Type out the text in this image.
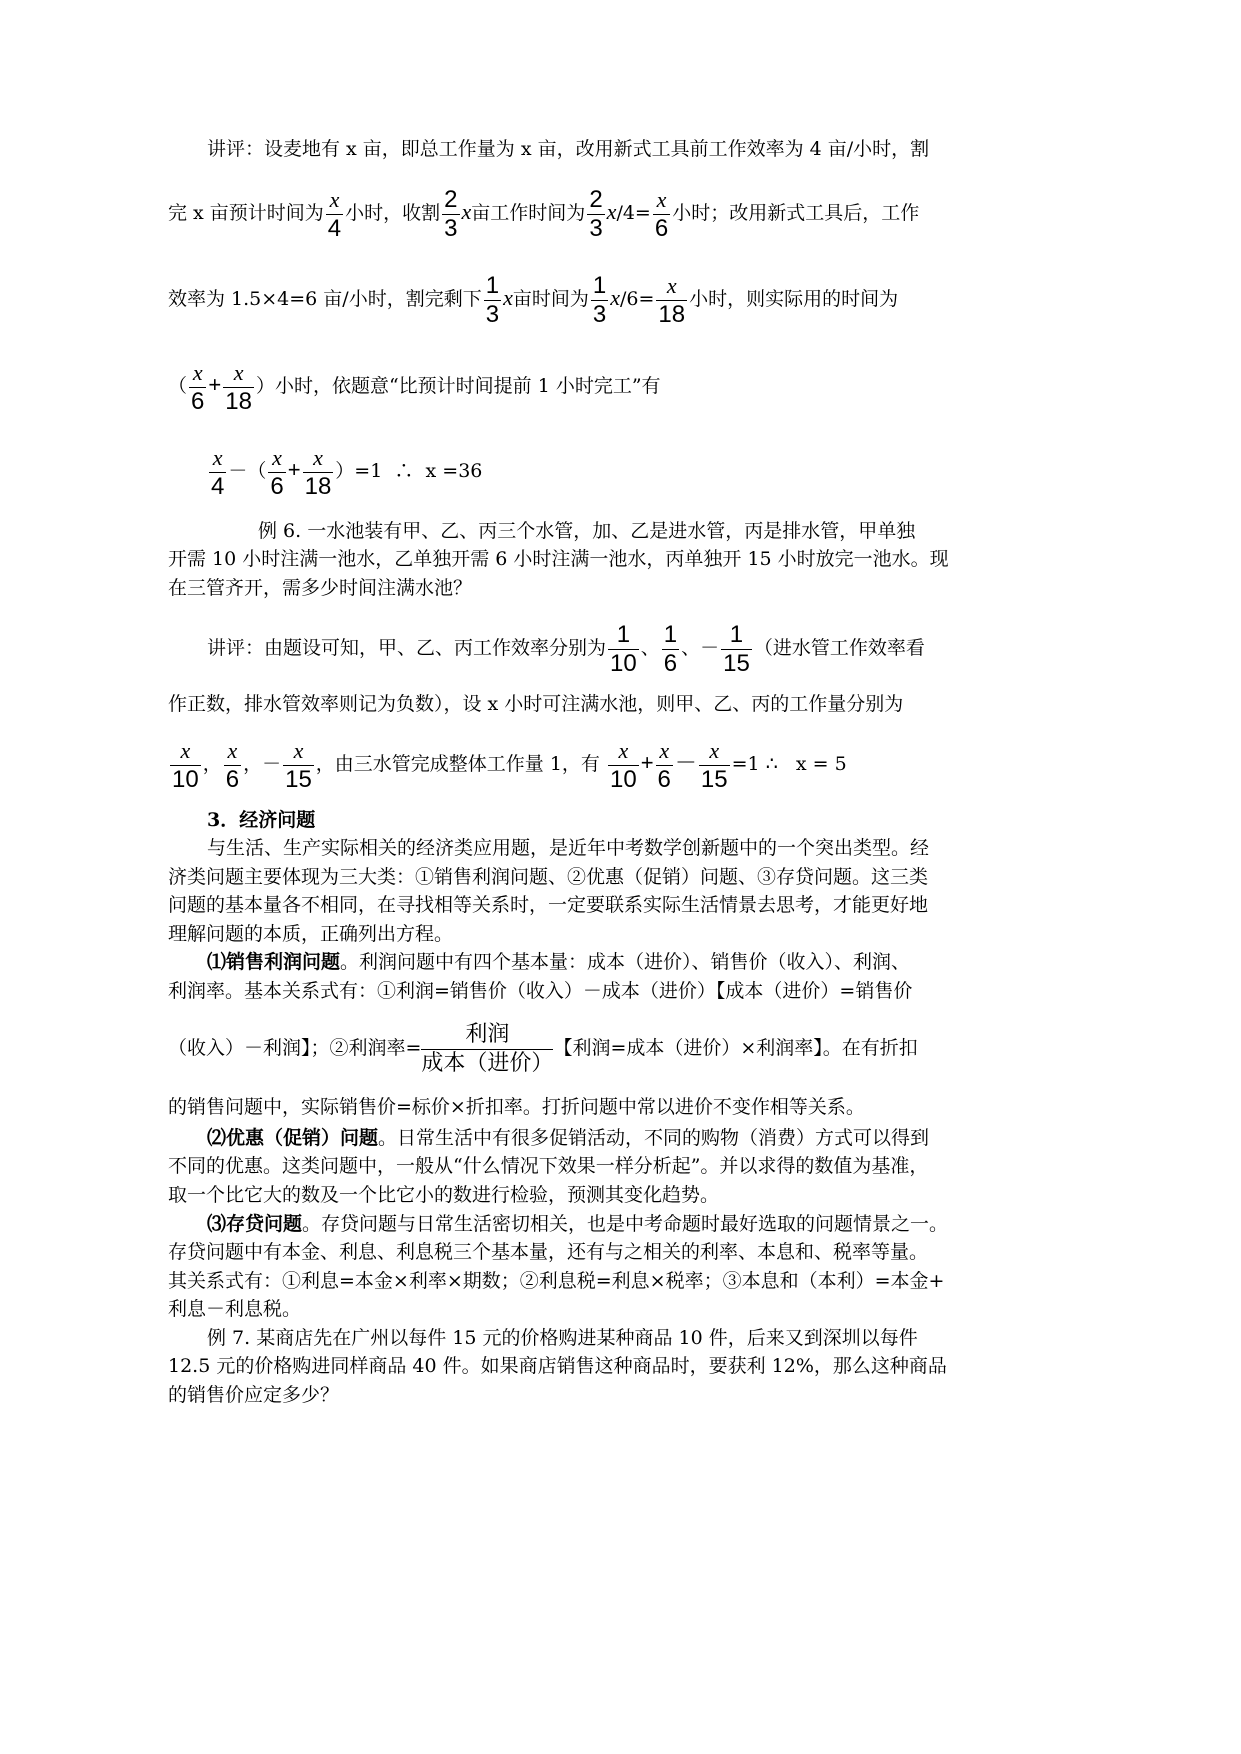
讲评：设麦地有 x 亩，即总工作量为 x 亩，改用新式工具前工作效率为 4 亩/小时，割
完 x 亩预计时间为 $\frac{x}{4}$ 小时，收割 $\frac{2}{3}$ x亩工作时间为 $\frac{2}{3} x/4= \frac{x}{6}$ 小时；改用新式工具后，工作
效率为 1.5×4=6 亩/小时，割完剩下 $\frac{1}{3}$ x亩时间为 $\frac{1}{3} x/6= \frac{x}{18}$ 小时，则实际用的时间为
（ $\frac{x}{6} + \frac{x}{18}$ ）小时，依题意“比预计时间提前 1 小时完工”有
$\frac{x}{4}$ －（ $\frac{x}{6} + \frac{x}{18} )=1$ ∴ x =36
例 6. 一水池装有甲、乙、丙三个水管，加、乙是进水管，丙是排水管，甲单独
开需 10 小时注满一池水，乙单独开需 6 小时注满一池水，丙单独开 15 小时放完一池水。现
在三管齐开，需多少时间注满水池？
讲评：由题设可知，甲、乙、丙工作效率分别为 $\frac{1}{10}$ 、 $\frac{1}{6}$ 、－ $\frac{1}{15}$ （进水管工作效率看
作正数，排水管效率则记为负数），设 x 小时可注满水池，则甲、乙、丙的工作量分别为
$\frac{x}{10}$ ， $\frac{x}{6}$ ，－ $\frac{x}{15}$ ，由三水管完成整体工作量 1，有 $\frac{x}{10} + \frac{x}{6} - \frac{x}{15} =1$ ∴ x = 5
3．经济问题
与生活、生产实际相关的经济类应用题，是近年中考数学创新题中的一个突出类型。经
济类问题主要体现为三大类：①销售利润问题、②优惠（促销）问题、③存贷问题。这三类
问题的基本量各不相同，在寻找相等关系时，一定要联系实际生活情景去思考，才能更好地
理解问题的本质，正确列出方程。
⑴销售利润问题。利润问题中有四个基本量：成本（进价）、销售价（收入）、利润、
利润率。基本关系式有：①利润=销售价（收入）－成本（进价）【成本（进价）=销售价
（收入）－利润】；②利润率= $\frac{\text{利润}}{\text{成本（进价）}}$ 【利润=成本（进价）×利润率】。在有折扣
的销售问题中，实际销售价=标价×折扣率。打折问题中常以进价不变作相等关系。
⑵优惠（促销）问题。日常生活中有很多促销活动，不同的购物（消费）方式可以得到
不同的优惠。这类问题中，一般从“什么情况下效果一样分析起”。并以求得的数值为基准，
取一个比它大的数及一个比它小的数进行检验，预测其变化趋势。
⑶存贷问题。存贷问题与日常生活密切相关，也是中考命题时最好选取的问题情景之一。
存贷问题中有本金、利息、利息税三个基本量，还有与之相关的利率、本息和、税率等量。
其关系式有：①利息=本金×利率×期数；②利息税=利息×税率；③本息和（本利）=本金+
利息－利息税。
例 7. 某商店先在广州以每件 15 元的价格购进某种商品 10 件，后来又到深圳以每件
12.5 元的价格购进同样商品 40 件。如果商店销售这种商品时，要获利 12%，那么这种商品
的销售价应定多少？
